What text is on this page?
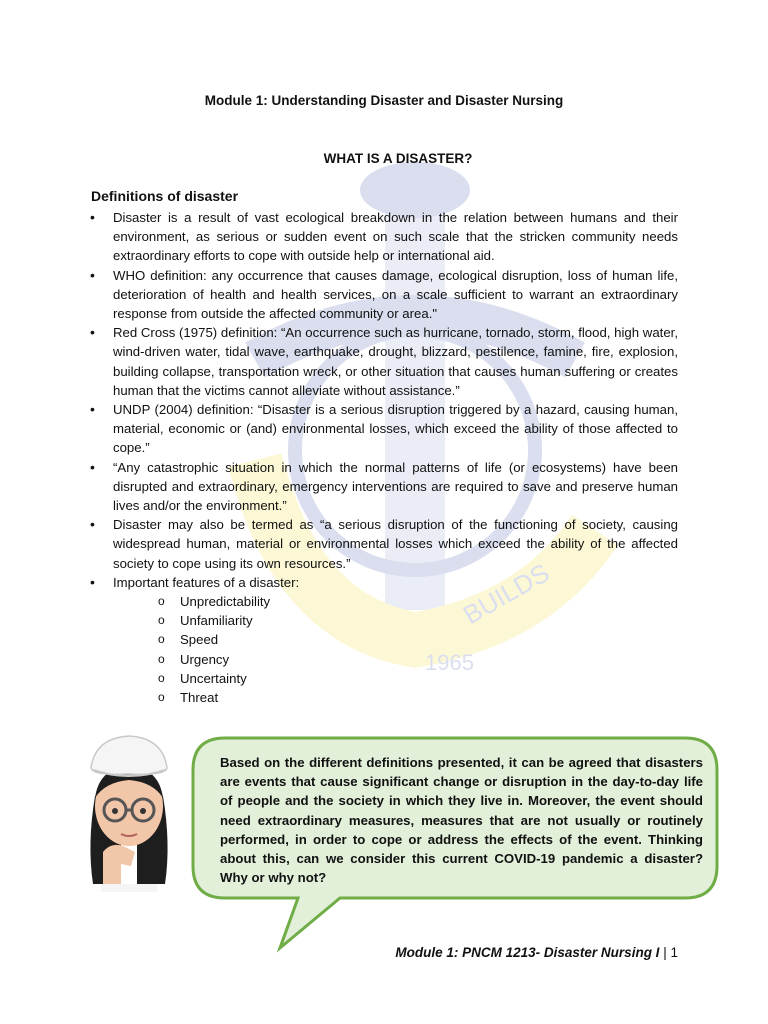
1965
BUILDS
Module 1: Understanding Disaster and Disaster Nursing
WHAT IS A DISASTER?
Definitions of disaster
• Disaster is a result of vast ecological breakdown in the relation between humans and their environment, as serious or sudden event on such scale that the stricken community needs extraordinary efforts to cope with outside help or international aid.
• WHO definition: any occurrence that causes damage, ecological disruption, loss of human life, deterioration of health and health services, on a scale sufficient to warrant an extraordinary response from outside the affected community or area."
• Red Cross (1975) definition: “An occurrence such as hurricane, tornado, storm, flood, high water, wind-driven water, tidal wave, earthquake, drought, blizzard, pestilence, famine, fire, explosion, building collapse, transportation wreck, or other situation that causes human suffering or creates human that the victims cannot alleviate without assistance.”
• UNDP (2004) definition: “Disaster is a serious disruption triggered by a hazard, causing human, material, economic or (and) environmental losses, which exceed the ability of those affected to cope.”
• “Any catastrophic situation in which the normal patterns of life (or ecosystems) have been disrupted and extraordinary, emergency interventions are required to save and preserve human lives and/or the environment.”
• Disaster may also be termed as “a serious disruption of the functioning of society, causing widespread human, material or environmental losses which exceed the ability of the affected society to cope using its own resources.”
• Important features of a disaster:
o Unpredictability
o Unfamiliarity
o Speed
o Urgency
o Uncertainty
o Threat

Based on the different definitions presented, it can be agreed that disasters are events that cause significant change or disruption in the day-to-day life of people and the society in which they live in. Moreover, the event should need extraordinary measures, measures that are not usually or routinely performed, in order to cope or address the effects of the event. Thinking about this, can we consider this current COVID-19 pandemic a disaster? Why or why not?

Module 1: PNCM 1213- Disaster Nursing I | 1
